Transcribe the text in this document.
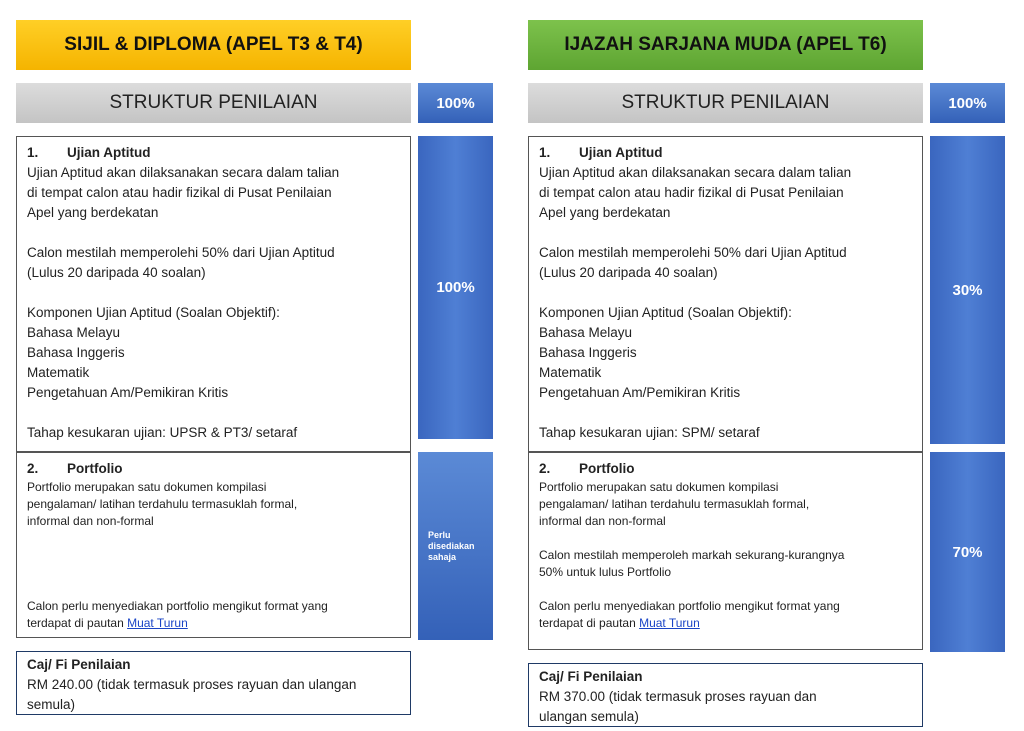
SIJIL & DIPLOMA (APEL T3 & T4)
STRUKTUR PENILAIAN	100%
1. Ujian Aptitud
Ujian Aptitud akan dilaksanakan secara dalam talian
di tempat calon atau hadir fizikal di Pusat Penilaian
Apel yang berdekatan
Calon mestilah memperolehi 50% dari Ujian Aptitud
(Lulus 20 daripada 40 soalan)
Komponen Ujian Aptitud (Soalan Objektif):
Bahasa Melayu
Bahasa Inggeris
Matematik
Pengetahuan Am/Pemikiran Kritis
Tahap kesukaran ujian: UPSR & PT3/ setaraf
100%
2. Portfolio
Portfolio merupakan satu dokumen kompilasi
pengalaman/ latihan terdahulu termasuklah formal,
informal dan non-formal
Calon perlu menyediakan portfolio mengikut format yang
terdapat di pautan Muat Turun
Perlu
disediakan
sahaja
Caj/ Fi Penilaian
RM 240.00 (tidak termasuk proses rayuan dan ulangan
semula)
IJAZAH SARJANA MUDA (APEL T6)
STRUKTUR PENILAIAN	100%
1. Ujian Aptitud
Ujian Aptitud akan dilaksanakan secara dalam talian
di tempat calon atau hadir fizikal di Pusat Penilaian
Apel yang berdekatan
Calon mestilah memperolehi 50% dari Ujian Aptitud
(Lulus 20 daripada 40 soalan)
Komponen Ujian Aptitud (Soalan Objektif):
Bahasa Melayu
Bahasa Inggeris
Matematik
Pengetahuan Am/Pemikiran Kritis
Tahap kesukaran ujian: SPM/ setaraf
30%
2. Portfolio
Portfolio merupakan satu dokumen kompilasi
pengalaman/ latihan terdahulu termasuklah formal,
informal dan non-formal
Calon mestilah memperoleh markah sekurang-kurangnya
50% untuk lulus Portfolio
Calon perlu menyediakan portfolio mengikut format yang
terdapat di pautan Muat Turun
70%
Caj/ Fi Penilaian
RM 370.00 (tidak termasuk proses rayuan dan
ulangan semula)
